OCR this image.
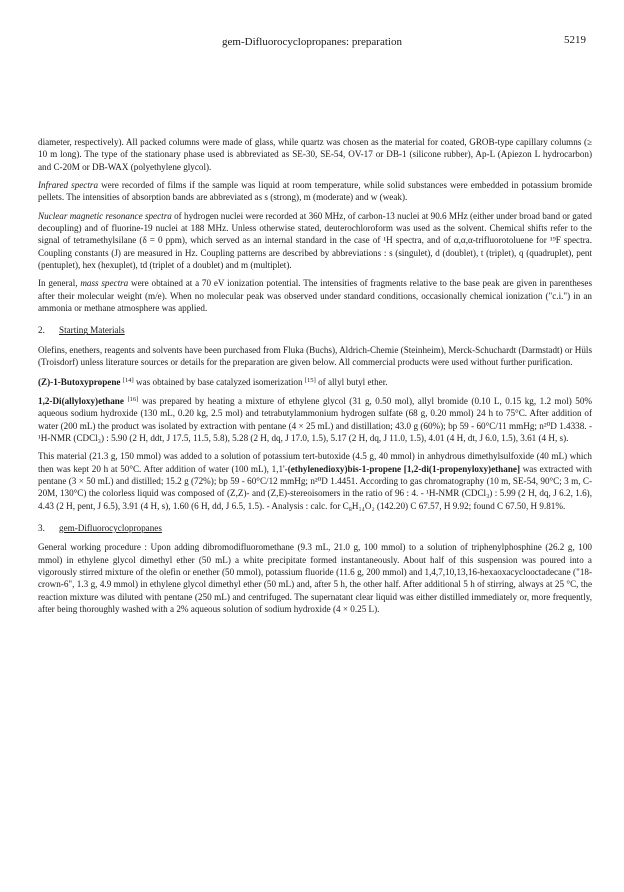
gem-Difluorocyclopropanes: preparation	5219

diameter, respectively). All packed columns were made of glass, while quartz was chosen as the material for coated, GROB-type capillary columns (≥ 10 m long). The type of the stationary phase used is abbreviated as SE-30, SE-54, OV-17 or DB-1 (silicone rubber), Ap-L (Apiezon L hydrocarbon) and C-20M or DB-WAX (polyethylene glycol).

Infrared spectra were recorded of films if the sample was liquid at room temperature, while solid substances were embedded in potassium bromide pellets. The intensities of absorption bands are abbreviated as s (strong), m (moderate) and w (weak).

Nuclear magnetic resonance spectra of hydrogen nuclei were recorded at 360 MHz, of carbon-13 nuclei at 90.6 MHz (either under broad band or gated decoupling) and of fluorine-19 nuclei at 188 MHz. Unless otherwise stated, deuterochloroform was used as the solvent. Chemical shifts refer to the signal of tetramethylsilane (δ = 0 ppm), which served as an internal standard in the case of ¹H spectra, and of α,α,α-trifluorotoluene for ¹⁹F spectra. Coupling constants (J) are measured in Hz. Coupling patterns are described by abbreviations : s (singulet), d (doublet), t (triplet), q (quadruplet), pent (pentuplet), hex (hexuplet), td (triplet of a doublet) and m (multiplet).

In general, mass spectra were obtained at a 70 eV ionization potential. The intensities of fragments relative to the base peak are given in parentheses after their molecular weight (m/e). When no molecular peak was observed under standard conditions, occasionally chemical ionization ("c.i.") in an ammonia or methane atmosphere was applied.

2. Starting Materials

Olefins, enethers, reagents and solvents have been purchased from Fluka (Buchs), Aldrich-Chemie (Steinheim), Merck-Schuchardt (Darmstadt) or Hüls (Troisdorf) unless literature sources or details for the preparation are given below. All commercial products were used without further purification.

(Z)-1-Butoxypropene [14] was obtained by base catalyzed isomerization [15] of allyl butyl ether.

1,2-Di(allyloxy)ethane [16] was prepared by heating a mixture of ethylene glycol (31 g, 0.50 mol), allyl bromide (0.10 L, 0.15 kg, 1.2 mol) 50% aqueous sodium hydroxide (130 mL, 0.20 kg, 2.5 mol) and tetrabutylammonium hydrogen sulfate (68 g, 0.20 mmol) 24 h to 75°C. After addition of water (200 mL) the product was isolated by extraction with pentane (4 × 25 mL) and distillation; 43.0 g (60%); bp 59 - 60°C/11 mmHg; n²⁰D 1.4338. - ¹H-NMR (CDCl₃) : 5.90 (2 H, ddt, J 17.5, 11.5, 5.8), 5.28 (2 H, dq, J 17.0, 1.5), 5.17 (2 H, dq, J 11.0, 1.5), 4.01 (4 H, dt, J 6.0, 1.5), 3.61 (4 H, s).

This material (21.3 g, 150 mmol) was added to a solution of potassium tert-butoxide (4.5 g, 40 mmol) in anhydrous dimethylsulfoxide (40 mL) which then was kept 20 h at 50°C. After addition of water (100 mL), 1,1'-(ethylenedioxy)bis-1-propene [1,2-di(1-propenyloxy)ethane] was extracted with pentane (3 × 50 mL) and distilled; 15.2 g (72%); bp 59 - 60°C/12 mmHg; n²⁰D 1.4451. According to gas chromatography (10 m, SE-54, 90°C; 3 m, C-20M, 130°C) the colorless liquid was composed of (Z,Z)- and (Z,E)-stereoisomers in the ratio of 96 : 4. - ¹H-NMR (CDCl₃) : 5.99 (2 H, dq, J 6.2, 1.6), 4.43 (2 H, pent, J 6.5), 3.91 (4 H, s), 1.60 (6 H, dd, J 6.5, 1.5). - Analysis : calc. for C₈H₁₄O₂ (142.20) C 67.57, H 9.92; found C 67.50, H 9.81%.

3. gem-Difluorocyclopropanes

General working procedure : Upon adding dibromodifluoromethane (9.3 mL, 21.0 g, 100 mmol) to a solution of triphenylphosphine (26.2 g, 100 mmol) in ethylene glycol dimethyl ether (50 mL) a white precipitate formed instantaneously. About half of this suspension was poured into a vigorously stirred mixture of the olefin or enether (50 mmol), potassium fluoride (11.6 g, 200 mmol) and 1,4,7,10,13,16-hexaoxacyclooctadecane ("18-crown-6", 1.3 g, 4.9 mmol) in ethylene glycol dimethyl ether (50 mL) and, after 5 h, the other half. After additional 5 h of stirring, always at 25 °C, the reaction mixture was diluted with pentane (250 mL) and centrifuged. The supernatant clear liquid was either distilled immediately or, more frequently, after being thoroughly washed with a 2% aqueous solution of sodium hydroxide (4 × 0.25 L).
